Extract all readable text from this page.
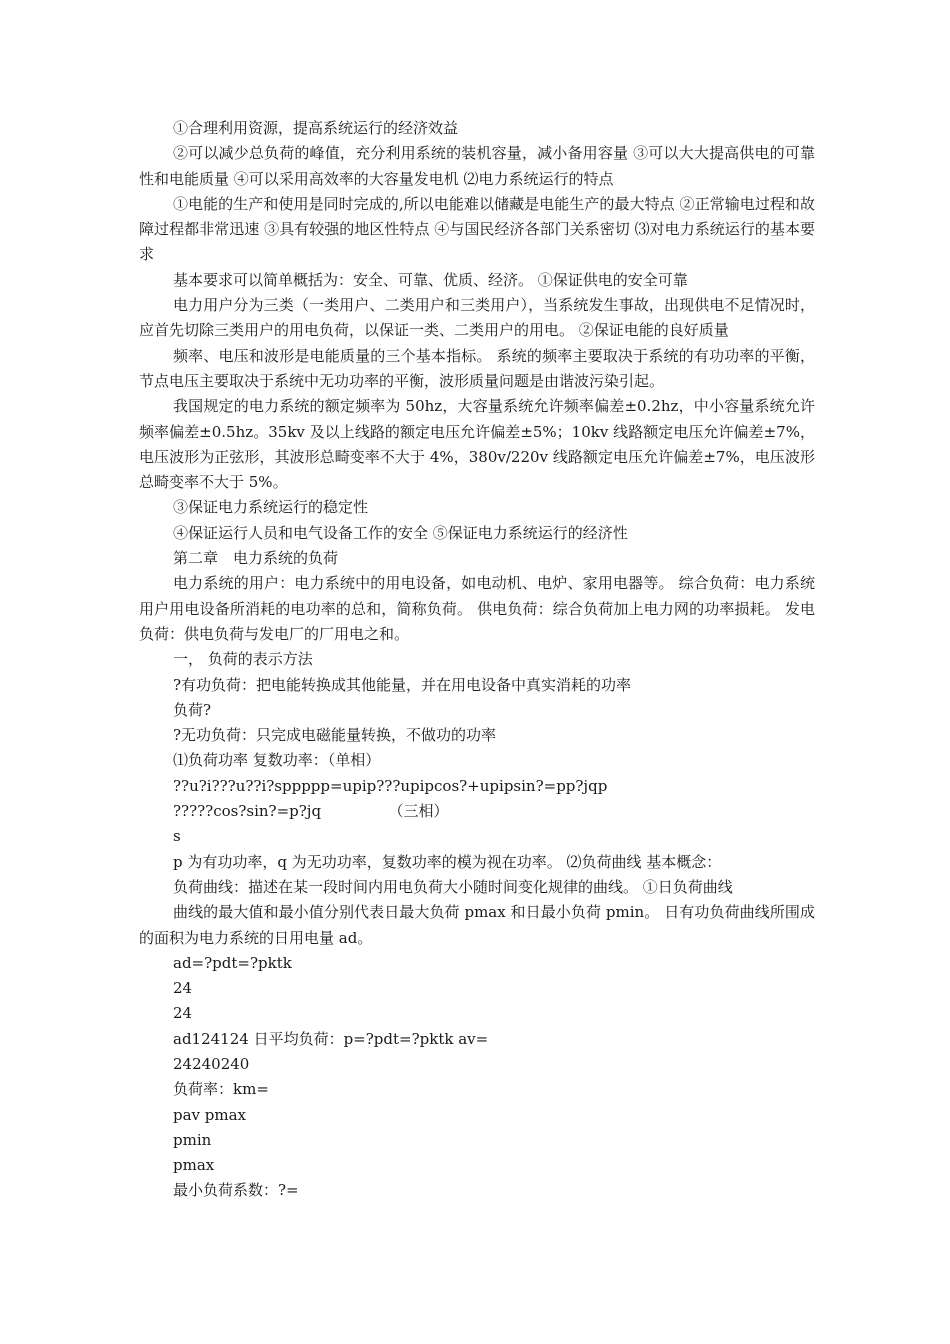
①合理利用资源，提高系统运行的经济效益

②可以减少总负荷的峰值，充分利用系统的装机容量，减小备用容量 ③可以大大提高供电的可靠性和电能质量 ④可以采用高效率的大容量发电机 ⑵电力系统运行的特点

①电能的生产和使用是同时完成的,所以电能难以储藏是电能生产的最大特点 ②正常输电过程和故障过程都非常迅速 ③具有较强的地区性特点 ④与国民经济各部门关系密切 ⑶对电力系统运行的基本要求

基本要求可以简单概括为：安全、可靠、优质、经济。 ①保证供电的安全可靠

电力用户分为三类（一类用户、二类用户和三类用户），当系统发生事故，出现供电不足情况时，应首先切除三类用户的用电负荷，以保证一类、二类用户的用电。 ②保证电能的良好质量

频率、电压和波形是电能质量的三个基本指标。 系统的频率主要取决于系统的有功功率的平衡，节点电压主要取决于系统中无功功率的平衡，波形质量问题是由谐波污染引起。

我国规定的电力系统的额定频率为 50hz，大容量系统允许频率偏差±0.2hz，中小容量系统允许频率偏差±0.5hz。35kv 及以上线路的额定电压允许偏差±5%；10kv 线路额定电压允许偏差±7%，电压波形为正弦形，其波形总畸变率不大于 4%，380v/220v 线路额定电压允许偏差±7%，电压波形总畸变率不大于 5%。

③保证电力系统运行的稳定性

④保证运行人员和电气设备工作的安全 ⑤保证电力系统运行的经济性

第二章　电力系统的负荷

电力系统的用户：电力系统中的用电设备，如电动机、电炉、家用电器等。 综合负荷：电力系统用户用电设备所消耗的电功率的总和，简称负荷。 供电负荷：综合负荷加上电力网的功率损耗。 发电负荷：供电负荷与发电厂的厂用电之和。

一， 负荷的表示方法

?有功负荷：把电能转换成其他能量，并在用电设备中真实消耗的功率

负荷?

?无功负荷：只完成电磁能量转换，不做功的功率

⑴负荷功率 复数功率：（单相）

??u?i???u??i?sppppp=upip???upipcos?+upipsin?=pp?jqp

?????cos?sin?=p?jq　　　　　（三相）

s

p 为有功功率，q 为无功功率，复数功率的模为视在功率。 ⑵负荷曲线 基本概念：

负荷曲线：描述在某一段时间内用电负荷大小随时间变化规律的曲线。 ①日负荷曲线

曲线的最大值和最小值分别代表日最大负荷 pmax 和日最小负荷 pmin。 日有功负荷曲线所围成的面积为电力系统的日用电量 ad。

ad=?pdt=?pktk

24

24

ad124124 日平均负荷：p=?pdt=?pktk av=

24240240

负荷率：km=

pav pmax

pmin

pmax

最小负荷系数：?=
